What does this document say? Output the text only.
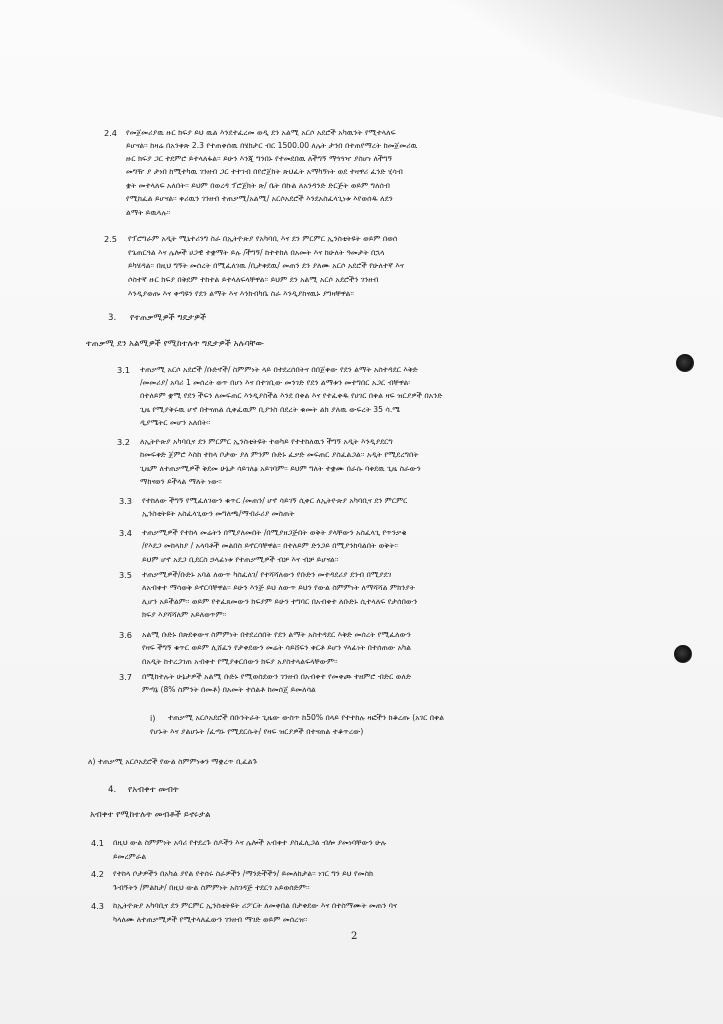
2.4 የመጀመሪያዉ ዙር ክፍያ ይህ ዉል እንደተፈረመ ወዲ ደን አልሚ አርሶ አደሮች አካዉንት የሚተላለፍ
ይሆናል፡፡ ከዛሬ በአንቀጽ 2.3 የተጠቀሰዉ በሄክታር ብር 1500.00 ለሌት ታንበ በተጠየማረት ከመጀመሪዉ
ዙር ክፍያ ጋር ተደምሮ ይተላለፋል፡፡ ይሁን እንጂ ግንበኑ የተመደበዉ ለችግኝ ማጓጓዣ ያስሆነ ለችግኝ
መግዥ ያ ታነበ ከሚተካዉ ገንዘብ ጋር ተተገብ በየሮጀክት ጽህፈት አማካኝነት ወደ ተዛዋሪ ፈንድ ሂሳብ
ቋት መተላለፍ አለበት፡፡ ይህም በወረዳ ፕሮጀክት ጽ/ ቤት በኩል ለአንዳንድ ድርጅት ወይም ግለሰብ
የሚከፈል ይሆናል፡፡ ቀሪዉን ገንዘብ ተጠቃሚ/አልሚ/ አርሶአደሮች እንደአስፈላጊነቱ እየወሰዱ ለደን
ልማት ይዉላሉ፡፡
2.5 የፕሮግራም አዲት ሚኒተሪንግ ስራ በኢትዮጵያ የአካባቢ እና ደን ምርምር ኢንስቲትዩት ወይም በወሰ
የጌጠርጓል እና ሌሎች ሀጋዊ ተቋማት ይሉ /ችግኝ/ ከተተከለ በአመት እና ከሁለት ዓመታት በኋላ
ይካሄዳል፡፡ በዚህ ግኝት መሰረት በሚፈለገዉ /ቢታቀደዉ/ መጠን ደን ያለሙ አርሶ አደሮች የሁለተኛ እና
ሶስተኛ ዙር ክፍያ በቅደም ተከተል ይተላለፍላቸዋል፡፡ ይህም ደን አልሚ አርሶ አደሮችን ገንዘብ
እንዲያወጡ እና ቀጣዩን የደን ልማት እና እንክብካቤ ስራ እንዲያከናዉኑ ያግዛቸዋል፡፡
3. የተጠቃሚዎች ግዴታዎች
ተጠቃሚ ደን አልሚዎች የሚከተሉት ግዴታዎች አሉባቸው
3.1 ተጠቃሚ አርሶ አደሮች /ቡድኖች/ ስምምነት ላይ በተደረሰበትና በበጀቀው የደን ልማት አስተዳደር እቅድ
/መመሪያ/ አባሪ 1 መሰረት ወጥ በሆነ እና በተገቢው መንገድ የደን ልማቱን መተግበር አጋር ብቸዋል፡
በተለይም ቋሚ የደን ችፍን ለመፍጠር እንዲያስችል እንደ በቀል እና የተፈቀዱ የሀገር በቀል ዛፍ ዝርያዎች በአንድ
ጊዜ የሚያቅሩዉ ሆኖ በተናጠል ሲቀፈዉም ቢያንስ በደረት ቁመት ልክ ያለዉ ውፍረት 35 ሳ.ሜ
ዲያሜትር መሆን አለበት፡፡
3.2 ለኢትዮጵያ አካባቢና ደን ምርምር ኢንስቲትዩት ተወካይ የተተከለዉን ችግኝ አዲት እንዲያደርግ
ከመፍቀድ ጀምሮ እስከ ተከላ ቦታው ያለ ምንም ቡድኑ ፈቃድ መፍጠር ያስፈልጋል፡፡ አዲት የሚደረግበት
ጊዜም ለተጠቃሚዎች ቅደመ ሁኔታ ሳይገለፅ አይገባም፡፡ ይህም ግለት ተቋሙ በራሱ ባቀደዉ ጊዜ ስራውን
ማከናወን ይችላል ማለት ነው፡፡
3.3 የተከለው ችግኝ የሚፈለገውን ቁጥር /መጠን/ ሆኖ ሳይገኝ ሲቀር ለኢትዮጵያ አካባቢና ደን ምርምር
ኢንስቲትዩት አስፈላጊውን መግለጫ/ማብራሪያ መስጠት
3.4 ተጠቃሚዎች የተከላ መሬትን በሚያለመበት /በሚያዘጋጅበት ወቅት ያላቸውን አስፈላጊ የጥንቃቄ
/የእደጋ መከላከያ / አላባቶች መልበስ ይኖርባቸዋል፡፡ በተለይም ድንጋይ በሚያንከባልበት ወቅት፡፡
ይህም ሆኖ አደጋ ቢደርስ ኃላፊነቱ የተጠቃሚዎች ብቻ እና ብቻ ይሆናል፡፡
3.5 ተጠቃሚዎች/ቡድኑ አባል ለውጥ ካስፈለገ/ የተሻሻለውን የቡድን መተዳደሪያ ደንብ በሚያደገ
ለአብቀተ ማሳወቅ ይኖርባቸዋል፡፡ ይሁን እንጅ ይህ ለውጥ ይህን የውል ስምምነት ለማሻሻል ምክንያት
ሊሆን አይችልም፡፡ ወይም የተፈጸመውን ክፍያም ይሁን ተግባር በአብቀተ ለቡድኑ ሲተላለፍ የታሰበውን
ክፍያ እያሻሻለም አይለወጥም፡፡
3.6 አልሚ ቡድኑ በጽደቀውና ስምምነት በተደረሰበት የደን ልማት አስተዳደር እቅድ መሰረት የሚፈለውን
የዛፍ ችግኝ ቁጥር ወይም ሊሸፈን የታቀደውን መሬት ሳይሸፍን ቀርቶ ይሆን ሃላፊነት በተሰጠው አካል
በአዲት ከተረጋገጠ አብቀተ የሚያቀርበውን ክፍያ አያስተላልፍላቸውም፡፡
3.7 በሚከተሉት ሁኔታዎች አልሚ ቡድኑ የሚወስደውን ገንዘብ በአብቀተ የመቀጮ ተዘምሮ ብድር ወለድ
ምጣኔ (8% ስምንት በመቶ) በአመት ተሰልቶ ከመሰጄ ይመለሳል
i) ተጠቃሚ አርሶአደሮች በቡንትራት ጊዜው ውስጥ ከ50% በላይ የተተከሉ ዛፎችን ከቆረጡ (አገር በቀል
የሆኑት እና ያልሆኑት /ፈጣኑ የሚደርሱት/ የዛፍ ዝርያዎች በተናጠል ተቆጥረው)
ለ) ተጠቃሚ አርሶአደሮች የውል ስምምነቱን ማቋረጥ ቢፈልጉ
4. የአብቀተ መብት
አብቀተ የሚከተሉት መብቶች ይኖሩታል
4.1 በዚህ ውል ስምምነት አባሪ የተደረጉ ሰዶችን እና ሌሎች አብቀተ ያስፈሊጋል ብሎ ያመነባቸውን ሁሉ
ይመረምራል
4.2 የተከላ ቦታዎችን በአካል ያየል የተሰሩ ስራዎችን /ማንድችችን/ ይመለከታል፡፡ ነገር ግን ይህ የመስክ
ጉብኝትን /ምልከታ/ በዚህ ውል ስምምነት አስገዳጅ ተደርጎ አይወሰድም፡፡
4.3 ከኢትዮጵያ አካባቢና ደን ምርምር ኢንስቲትዩት ሪፖርት ለመቀበል በታቀደው እና በተስማሙት መጠን ባና
ካላለሙ ለተጠቃሚዎች የሚተላለፈውን ገንዘብ ማገድ ወይም መሰረዝ፡፡
2
